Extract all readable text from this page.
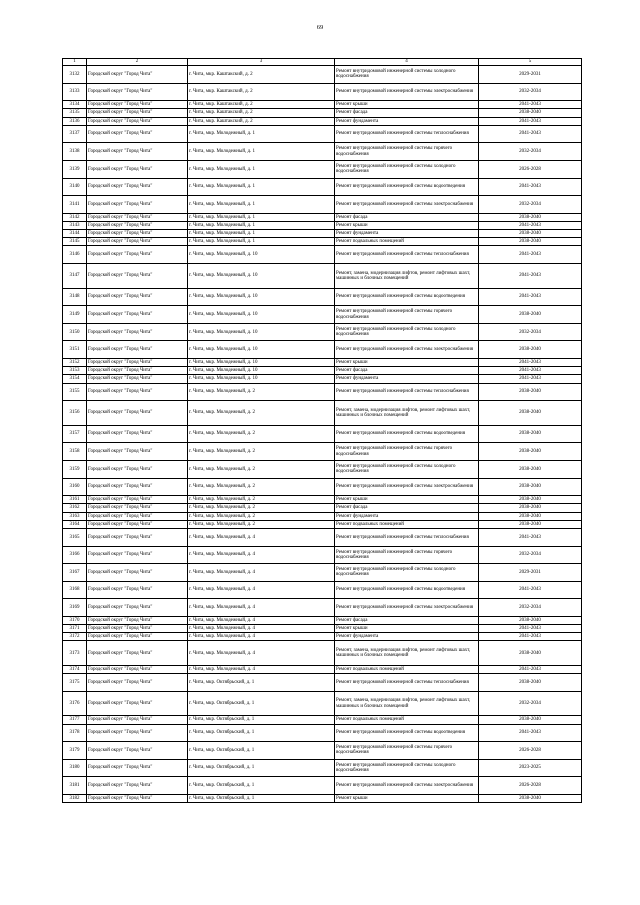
69
1	2	3	4	5
3132	Городской округ "Город Чита"	г. Чита, мкр. Каштакский, д. 2	Ремонт внутридомовой инженерной системы холодного водоснабжения	2029-2031
3133	Городской округ "Город Чита"	г. Чита, мкр. Каштакский, д. 2	Ремонт внутридомовой инженерной системы электроснабжения	2032-2034
3134	Городской округ "Город Чита"	г. Чита, мкр. Каштакский, д. 2	Ремонт крыши	2041-2043
3135	Городской округ "Город Чита"	г. Чита, мкр. Каштакский, д. 2	Ремонт фасада	2038-2040
3136	Городской округ "Город Чита"	г. Чита, мкр. Каштакский, д. 2	Ремонт фундамента	2041-2043
3137	Городской округ "Город Чита"	г. Чита, мкр. Молодежный, д. 1	Ремонт внутридомовой инженерной системы теплоснабжения	2041-2043
3138	Городской округ "Город Чита"	г. Чита, мкр. Молодежный, д. 1	Ремонт внутридомовой инженерной системы горячего водоснабжения	2032-2034
3139	Городской округ "Город Чита"	г. Чита, мкр. Молодежный, д. 1	Ремонт внутридомовой инженерной системы холодного водоснабжения	2026-2028
3140	Городской округ "Город Чита"	г. Чита, мкр. Молодежный, д. 1	Ремонт внутридомовой инженерной системы водоотведения	2041-2043
3141	Городской округ "Город Чита"	г. Чита, мкр. Молодежный, д. 1	Ремонт внутридомовой инженерной системы электроснабжения	2032-2034
3142	Городской округ "Город Чита"	г. Чита, мкр. Молодежный, д. 1	Ремонт фасада	2038-2040
3143	Городской округ "Город Чита"	г. Чита, мкр. Молодежный, д. 1	Ремонт крыши	2041-2043
3144	Городской округ "Город Чита"	г. Чита, мкр. Молодежный, д. 1	Ремонт фундамента	2038-2040
3145	Городской округ "Город Чита"	г. Чита, мкр. Молодежный, д. 1	Ремонт подвальных помещений	2038-2040
3146	Городской округ "Город Чита"	г. Чита, мкр. Молодежный, д. 10	Ремонт внутридомовой инженерной системы теплоснабжения	2041-2043
3147	Городской округ "Город Чита"	г. Чита, мкр. Молодежный, д. 10	Ремонт, замена, модернизация лифтов, ремонт лифтовых шахт, машинных и блочных помещений	2041-2043
3148	Городской округ "Город Чита"	г. Чита, мкр. Молодежный, д. 10	Ремонт внутридомовой инженерной системы водоотведения	2041-2043
3149	Городской округ "Город Чита"	г. Чита, мкр. Молодежный, д. 10	Ремонт внутридомовой инженерной системы горячего водоснабжения	2038-2040
3150	Городской округ "Город Чита"	г. Чита, мкр. Молодежный, д. 10	Ремонт внутридомовой инженерной системы холодного водоснабжения	2032-2034
3151	Городской округ "Город Чита"	г. Чита, мкр. Молодежный, д. 10	Ремонт внутридомовой инженерной системы электроснабжения	2038-2040
3152	Городской округ "Город Чита"	г. Чита, мкр. Молодежный, д. 10	Ремонт крыши	2041-2043
3153	Городской округ "Город Чита"	г. Чита, мкр. Молодежный, д. 10	Ремонт фасада	2041-2043
3154	Городской округ "Город Чита"	г. Чита, мкр. Молодежный, д. 10	Ремонт фундамента	2041-2043
3155	Городской округ "Город Чита"	г. Чита, мкр. Молодежный, д. 2	Ремонт внутридомовой инженерной системы теплоснабжения	2038-2040
3156	Городской округ "Город Чита"	г. Чита, мкр. Молодежный, д. 2	Ремонт, замена, модернизация лифтов, ремонт лифтовых шахт, машинных и блочных помещений	2038-2040
3157	Городской округ "Город Чита"	г. Чита, мкр. Молодежный, д. 2	Ремонт внутридомовой инженерной системы водоотведения	2038-2040
3158	Городской округ "Город Чита"	г. Чита, мкр. Молодежный, д. 2	Ремонт внутридомовой инженерной системы горячего водоснабжения	2038-2040
3159	Городской округ "Город Чита"	г. Чита, мкр. Молодежный, д. 2	Ремонт внутридомовой инженерной системы холодного водоснабжения	2038-2040
3160	Городской округ "Город Чита"	г. Чита, мкр. Молодежный, д. 2	Ремонт внутридомовой инженерной системы электроснабжения	2038-2040
3161	Городской округ "Город Чита"	г. Чита, мкр. Молодежный, д. 2	Ремонт крыши	2038-2040
3162	Городской округ "Город Чита"	г. Чита, мкр. Молодежный, д. 2	Ремонт фасада	2038-2040
3163	Городской округ "Город Чита"	г. Чита, мкр. Молодежный, д. 2	Ремонт фундамента	2038-2040
3164	Городской округ "Город Чита"	г. Чита, мкр. Молодежный, д. 2	Ремонт подвальных помещений	2038-2040
3165	Городской округ "Город Чита"	г. Чита, мкр. Молодежный, д. 4	Ремонт внутридомовой инженерной системы теплоснабжения	2041-2043
3166	Городской округ "Город Чита"	г. Чита, мкр. Молодежный, д. 4	Ремонт внутридомовой инженерной системы горячего водоснабжения	2032-2034
3167	Городской округ "Город Чита"	г. Чита, мкр. Молодежный, д. 4	Ремонт внутридомовой инженерной системы холодного водоснабжения	2029-2031
3168	Городской округ "Город Чита"	г. Чита, мкр. Молодежный, д. 4	Ремонт внутридомовой инженерной системы водоотведения	2041-2043
3169	Городской округ "Город Чита"	г. Чита, мкр. Молодежный, д. 4	Ремонт внутридомовой инженерной системы электроснабжения	2032-2034
3170	Городской округ "Город Чита"	г. Чита, мкр. Молодежный, д. 4	Ремонт фасада	2038-2040
3171	Городской округ "Город Чита"	г. Чита, мкр. Молодежный, д. 4	Ремонт крыши	2041-2043
3172	Городской округ "Город Чита"	г. Чита, мкр. Молодежный, д. 4	Ремонт фундамента	2041-2043
3173	Городской округ "Город Чита"	г. Чита, мкр. Молодежный, д. 4	Ремонт, замена, модернизация лифтов, ремонт лифтовых шахт, машинных и блочных помещений	2038-2040
3174	Городской округ "Город Чита"	г. Чита, мкр. Молодежный, д. 4	Ремонт подвальных помещений	2041-2043
3175	Городской округ "Город Чита"	г. Чита, мкр. Октябрьский, д. 1	Ремонт внутридомовой инженерной системы теплоснабжения	2038-2040
3176	Городской округ "Город Чита"	г. Чита, мкр. Октябрьский, д. 1	Ремонт, замена, модернизация лифтов, ремонт лифтовых шахт, машинных и блочных помещений	2032-2034
3177	Городской округ "Город Чита"	г. Чита, мкр. Октябрьский, д. 1	Ремонт подвальных помещений	2038-2040
3178	Городской округ "Город Чита"	г. Чита, мкр. Октябрьский, д. 1	Ремонт внутридомовой инженерной системы водоотведения	2041-2043
3179	Городской округ "Город Чита"	г. Чита, мкр. Октябрьский, д. 1	Ремонт внутридомовой инженерной системы горячего водоснабжения	2026-2028
3180	Городской округ "Город Чита"	г. Чита, мкр. Октябрьский, д. 1	Ремонт внутридомовой инженерной системы холодного водоснабжения	2023-2025
3181	Городской округ "Город Чита"	г. Чита, мкр. Октябрьский, д. 1	Ремонт внутридомовой инженерной системы электроснабжения	2026-2028
3182	Городской округ "Город Чита"	г. Чита, мкр. Октябрьский, д. 1	Ремонт крыши	2038-2040
